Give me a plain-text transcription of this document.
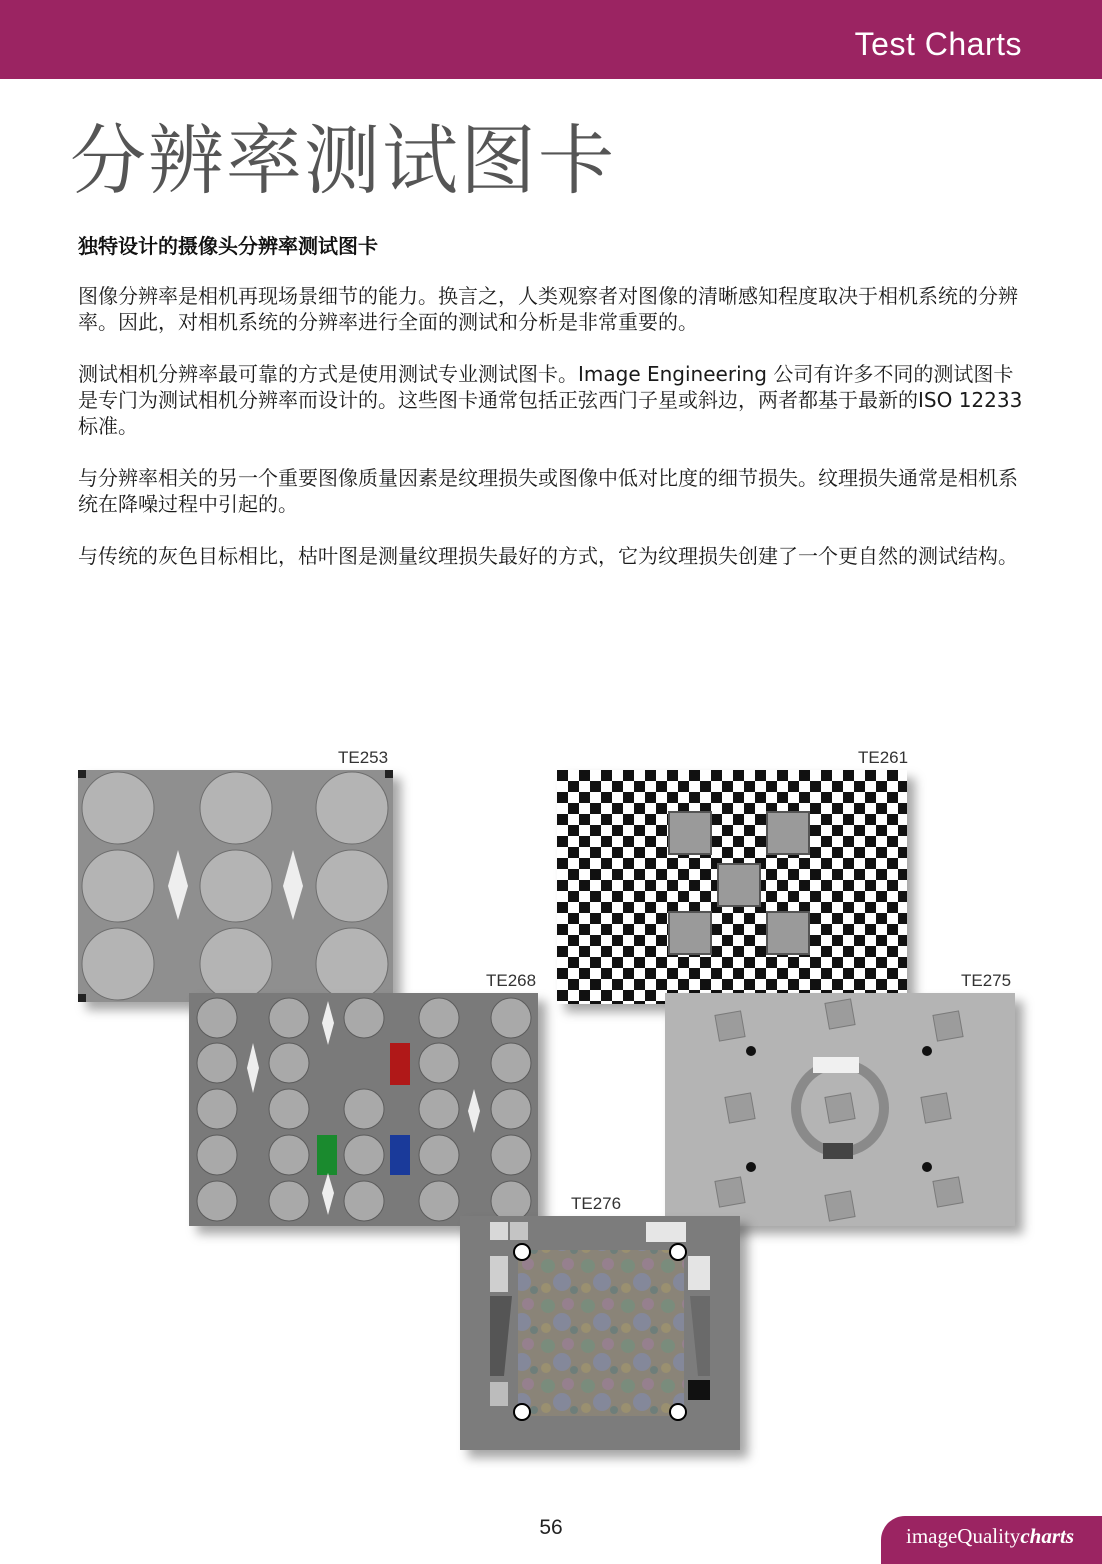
Test Charts
分辨率测试图卡
独特设计的摄像头分辨率测试图卡
图像分辨率是相机再现场景细节的能力。换言之，人类观察者对图像的清晰感知程度取决于相机系统的分辨率。因此，对相机系统的分辨率进行全面的测试和分析是非常重要的。
测试相机分辨率最可靠的方式是使用测试专业测试图卡。Image Engineering 公司有许多不同的测试图卡是专门为测试相机分辨率而设计的。这些图卡通常包括正弦西门子星或斜边，两者都基于最新的ISO 12233标准。
与分辨率相关的另一个重要图像质量因素是纹理损失或图像中低对比度的细节损失。纹理损失通常是相机系统在降噪过程中引起的。
与传统的灰色目标相比，枯叶图是测量纹理损失最好的方式，它为纹理损失创建了一个更自然的测试结构。
TE253	TE261
TE268	TE275
TE276
56	imageQualitycharts
